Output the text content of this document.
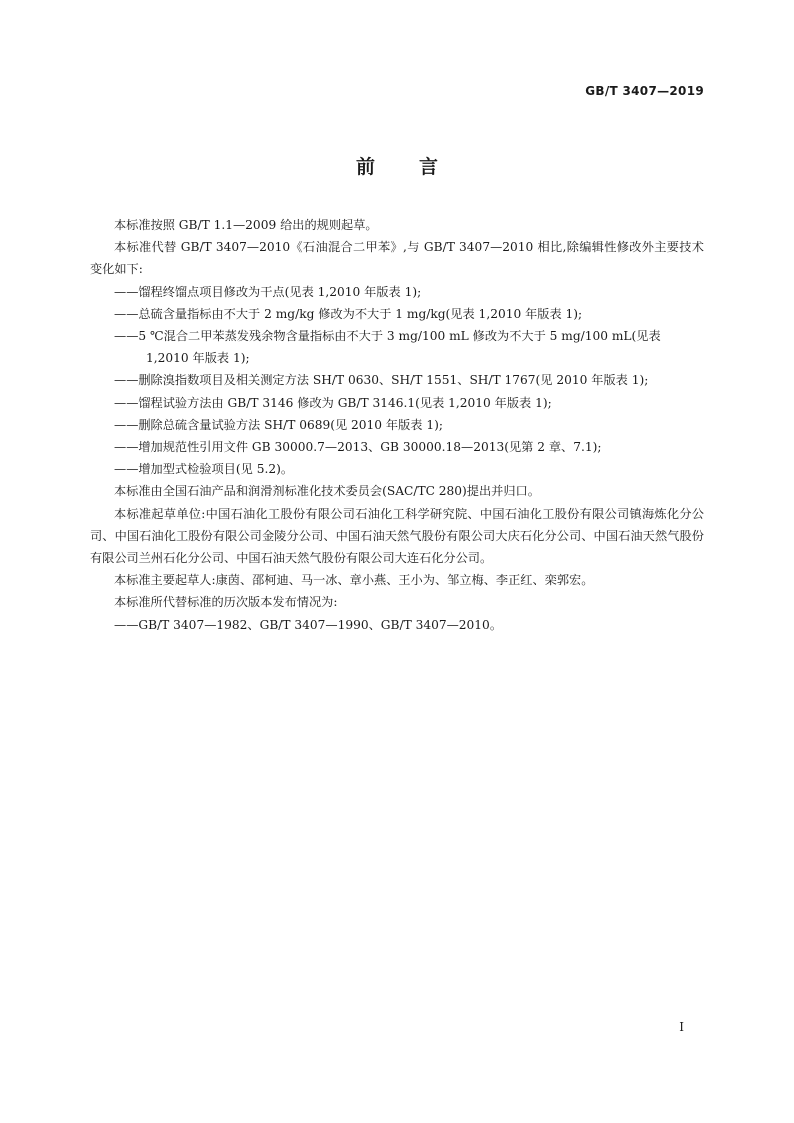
GB/T 3407—2019
前言

本标准按照 GB/T 1.1—2009 给出的规则起草。

本标准代替 GB/T 3407—2010《石油混合二甲苯》,与 GB/T 3407—2010 相比,除编辑性修改外主要技术变化如下:

——馏程终馏点项目修改为干点(见表 1,2010 年版表 1);

——总硫含量指标由不大于 2 mg/kg 修改为不大于 1 mg/kg(见表 1,2010 年版表 1);

——5 ℃混合二甲苯蒸发残余物含量指标由不大于 3 mg/100 mL 修改为不大于 5 mg/100 mL(见表 1,2010 年版表 1);

——删除溴指数项目及相关测定方法 SH/T 0630、SH/T 1551、SH/T 1767(见 2010 年版表 1);

——馏程试验方法由 GB/T 3146 修改为 GB/T 3146.1(见表 1,2010 年版表 1);

——删除总硫含量试验方法 SH/T 0689(见 2010 年版表 1);

——增加规范性引用文件 GB 30000.7—2013、GB 30000.18—2013(见第 2 章、7.1);

——增加型式检验项目(见 5.2)。

本标准由全国石油产品和润滑剂标准化技术委员会(SAC/TC 280)提出并归口。

本标准起草单位:中国石油化工股份有限公司石油化工科学研究院、中国石油化工股份有限公司镇海炼化分公司、中国石油化工股份有限公司金陵分公司、中国石油天然气股份有限公司大庆石化分公司、中国石油天然气股份有限公司兰州石化分公司、中国石油天然气股份有限公司大连石化分公司。

本标准主要起草人:康茵、邵柯迪、马一冰、章小燕、王小为、邹立梅、李正红、栾郭宏。

本标准所代替标准的历次版本发布情况为:

——GB/T 3407—1982、GB/T 3407—1990、GB/T 3407—2010。

I
